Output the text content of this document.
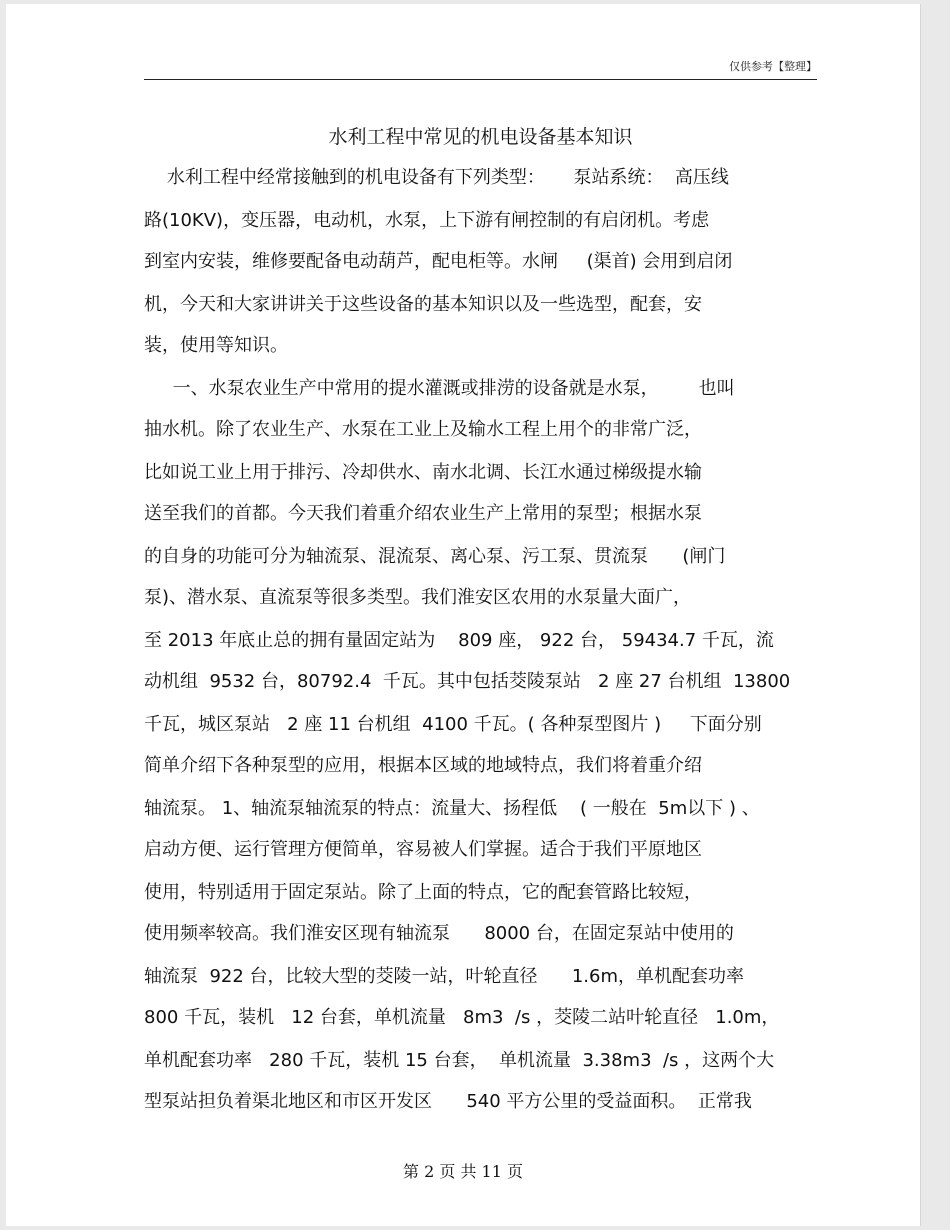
仅供参考【整理】
水利工程中常见的机电设备基本知识
水利工程中经常接触到的机电设备有下列类型：     泵站系统：  高压线
路(10KV)，变压器，电动机，水泵，上下游有闸控制的有启闭机。考虑
到室内安装，维修要配备电动葫芦，配电柜等。水闸     (渠首) 会用到启闭
机，今天和大家讲讲关于这些设备的基本知识以及一些选型，配套，安
装，使用等知识。
一、水泵农业生产中常用的提水灌溉或排涝的设备就是水泵，       也叫
抽水机。除了农业生产、水泵在工业上及输水工程上用个的非常广泛，
比如说工业上用于排污、冷却供水、南水北调、长江水通过梯级提水输
送至我们的首都。今天我们着重介绍农业生产上常用的泵型；根据水泵
的自身的功能可分为轴流泵、混流泵、离心泵、污工泵、贯流泵      (闸门
泵)、潜水泵、直流泵等很多类型。我们淮安区农用的水泵量大面广，
至 2013 年底止总的拥有量固定站为    809 座， 922 台， 59434.7 千瓦，流
动机组  9532 台，80792.4  千瓦。其中包括茭陵泵站   2 座 27 台机组  13800
千瓦，城区泵站   2 座 11 台机组  4100 千瓦。( 各种泵型图片 )     下面分别
简单介绍下各种泵型的应用，根据本区域的地域特点，我们将着重介绍
轴流泵。 1、轴流泵轴流泵的特点：流量大、扬程低    ( 一般在  5m以下 ) 、
启动方便、运行管理方便简单，容易被人们掌握。适合于我们平原地区
使用，特别适用于固定泵站。除了上面的特点，它的配套管路比较短，
使用频率较高。我们淮安区现有轴流泵      8000 台，在固定泵站中使用的
轴流泵  922 台，比较大型的茭陵一站，叶轮直径      1.6m，单机配套功率
800 千瓦，装机   12 台套，单机流量   8m3  /s ，茭陵二站叶轮直径   1.0m，
单机配套功率   280 千瓦，装机 15 台套，  单机流量  3.38m3  /s ，这两个大
型泵站担负着渠北地区和市区开发区      540 平方公里的受益面积。  正常我
第 2 页 共 11 页
